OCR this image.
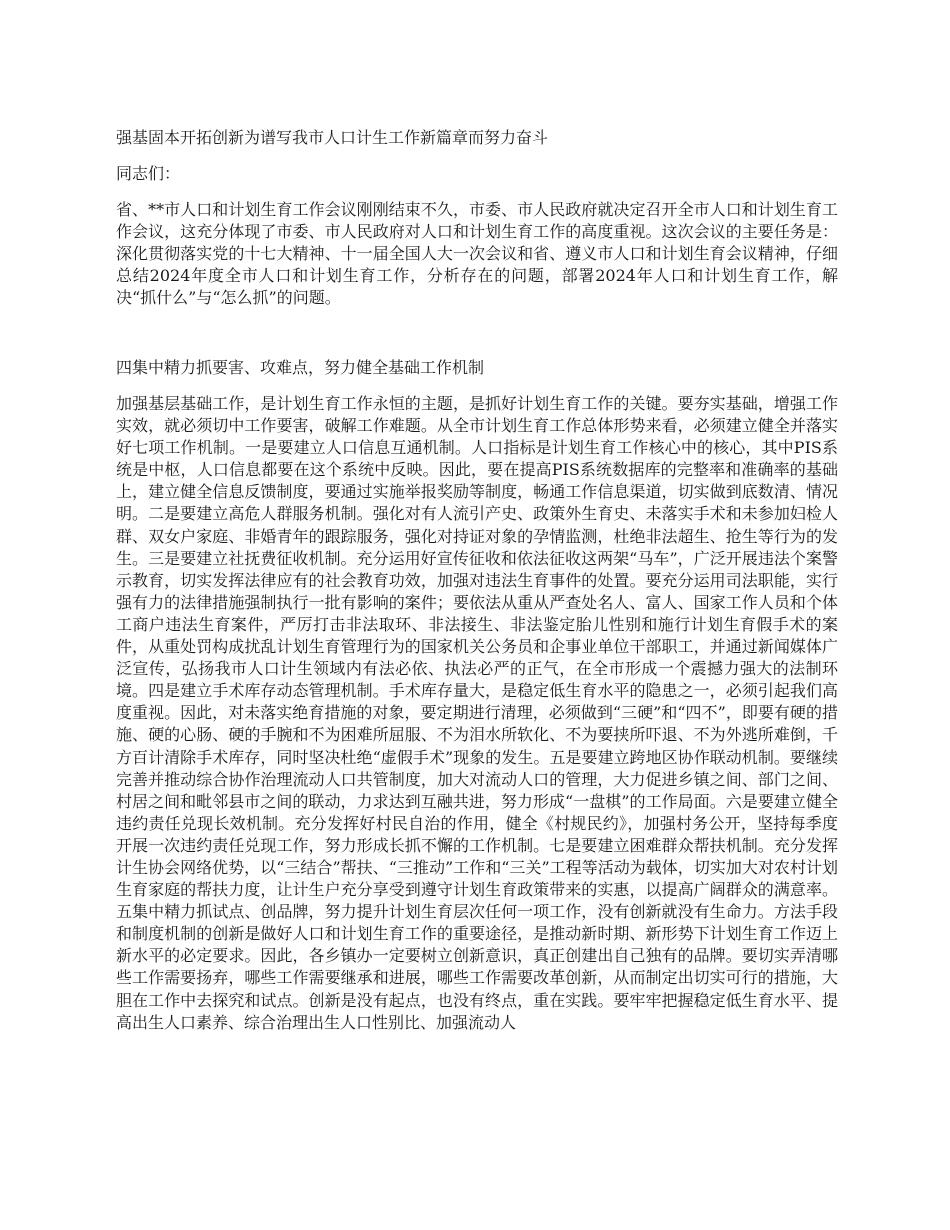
强基固本开拓创新为谱写我市人口计生工作新篇章而努力奋斗
同志们：

省、**市人口和计划生育工作会议刚刚结束不久，市委、市人民政府就决定召开全市人口和计划生育工作会议，这充分体现了市委、市人民政府对人口和计划生育工作的高度重视。这次会议的主要任务是：深化贯彻落实党的十七大精神、十一届全国人大一次会议和省、遵义市人口和计划生育会议精神，仔细总结2024年度全市人口和计划生育工作，分析存在的问题，部署2024年人口和计划生育工作，解决“抓什么”与“怎么抓”的问题。

四集中精力抓要害、攻难点，努力健全基础工作机制

加强基层基础工作，是计划生育工作永恒的主题，是抓好计划生育工作的关键。要夯实基础，增强工作实效，就必须切中工作要害，破解工作难题。从全市计划生育工作总体形势来看，必须建立健全并落实好七项工作机制。一是要建立人口信息互通机制。人口指标是计划生育工作核心中的核心，其中PIS系统是中枢，人口信息都要在这个系统中反映。因此，要在提高PIS系统数据库的完整率和准确率的基础上，建立健全信息反馈制度，要通过实施举报奖励等制度，畅通工作信息渠道，切实做到底数清、情况明。二是要建立高危人群服务机制。强化对有人流引产史、政策外生育史、未落实手术和未参加妇检人群、双女户家庭、非婚青年的跟踪服务，强化对持证对象的孕情监测，杜绝非法超生、抢生等行为的发生。三是要建立社抚费征收机制。充分运用好宣传征收和依法征收这两架“马车”，广泛开展违法个案警示教育，切实发挥法律应有的社会教育功效，加强对违法生育事件的处置。要充分运用司法职能，实行强有力的法律措施强制执行一批有影响的案件；要依法从重从严查处名人、富人、国家工作人员和个体工商户违法生育案件，严厉打击非法取环、非法接生、非法鉴定胎儿性别和施行计划生育假手术的案件，从重处罚构成扰乱计划生育管理行为的国家机关公务员和企事业单位干部职工，并通过新闻媒体广泛宣传，弘扬我市人口计生领域内有法必依、执法必严的正气，在全市形成一个震撼力强大的法制环境。四是建立手术库存动态管理机制。手术库存量大，是稳定低生育水平的隐患之一，必须引起我们高度重视。因此，对未落实绝育措施的对象，要定期进行清理，必须做到“三硬”和“四不”，即要有硬的措施、硬的心肠、硬的手腕和不为困难所屈服、不为泪水所软化、不为要挟所吓退、不为外逃所难倒，千方百计清除手术库存，同时坚决杜绝“虚假手术”现象的发生。五是要建立跨地区协作联动机制。要继续完善并推动综合协作治理流动人口共管制度，加大对流动人口的管理，大力促进乡镇之间、部门之间、村居之间和毗邻县市之间的联动，力求达到互融共进，努力形成“一盘棋”的工作局面。六是要建立健全违约责任兑现长效机制。充分发挥好村民自治的作用，健全《村规民约》，加强村务公开，坚持每季度开展一次违约责任兑现工作，努力形成长抓不懈的工作机制。七是要建立困难群众帮扶机制。充分发挥计生协会网络优势，以“三结合”帮扶、“三推动”工作和“三关”工程等活动为载体，切实加大对农村计划生育家庭的帮扶力度，让计生户充分享受到遵守计划生育政策带来的实惠，以提高广阔群众的满意率。五集中精力抓试点、创品牌，努力提升计划生育层次任何一项工作，没有创新就没有生命力。方法手段和制度机制的创新是做好人口和计划生育工作的重要途径，是推动新时期、新形势下计划生育工作迈上新水平的必定要求。因此，各乡镇办一定要树立创新意识，真正创建出自己独有的品牌。要切实弄清哪些工作需要扬弃，哪些工作需要继承和进展，哪些工作需要改革创新，从而制定出切实可行的措施，大胆在工作中去探究和试点。创新是没有起点，也没有终点，重在实践。要牢牢把握稳定低生育水平、提高出生人口素养、综合治理出生人口性别比、加强流动人
